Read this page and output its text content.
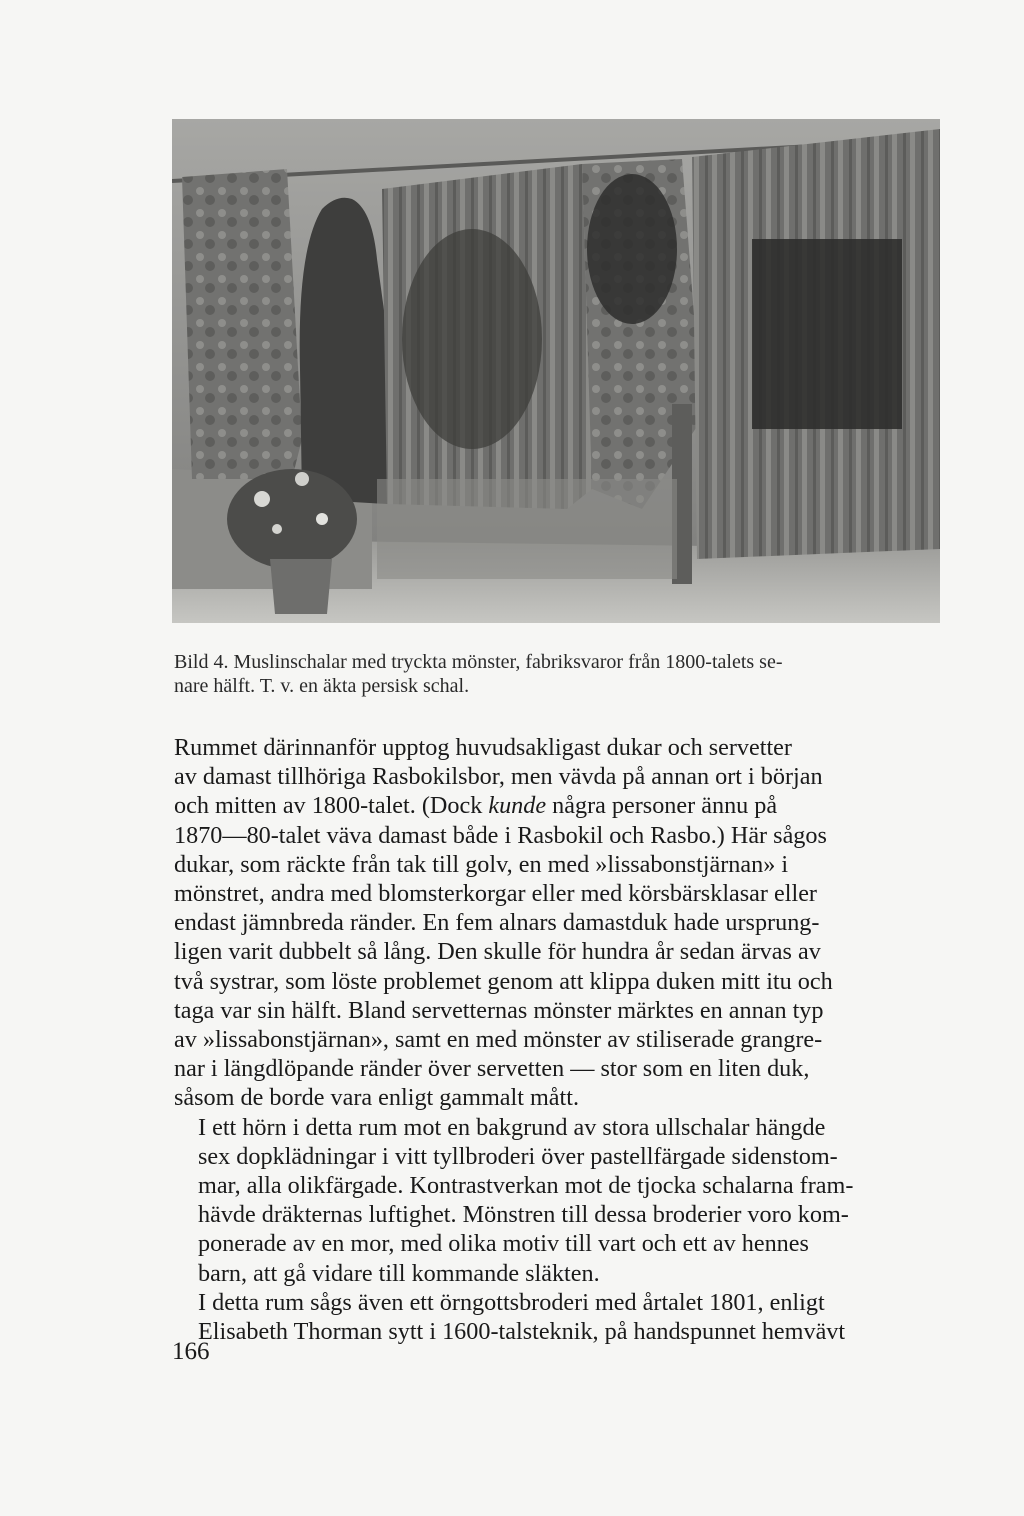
Bild 4. Muslinschalar med tryckta mönster, fabriksvaror från 1800-talets se-
nare hälft. T. v. en äkta persisk schal.

Rummet därinnanför upptog huvudsakligast dukar och servetter
av damast tillhöriga Rasbokilsbor, men vävda på annan ort i början
och mitten av 1800-talet. (Dock kunde några personer ännu på
1870—80-talet väva damast både i Rasbokil och Rasbo.) Här sågos
dukar, som räckte från tak till golv, en med »lissabonstjärnan» i
mönstret, andra med blomsterkorgar eller med körsbärsklasar eller
endast jämnbreda ränder. En fem alnars damastduk hade ursprung-
ligen varit dubbelt så lång. Den skulle för hundra år sedan ärvas av
två systrar, som löste problemet genom att klippa duken mitt itu och
taga var sin hälft. Bland servetternas mönster märktes en annan typ
av »lissabonstjärnan», samt en med mönster av stiliserade grangre-
nar i längdlöpande ränder över servetten — stor som en liten duk,
såsom de borde vara enligt gammalt mått.

I ett hörn i detta rum mot en bakgrund av stora ullschalar hängde
sex dopklädningar i vitt tyllbroderi över pastellfärgade sidenstom-
mar, alla olikfärgade. Kontrastverkan mot de tjocka schalarna fram-
hävde dräkternas luftighet. Mönstren till dessa broderier voro kom-
ponerade av en mor, med olika motiv till vart och ett av hennes
barn, att gå vidare till kommande släkten.

I detta rum sågs även ett örngottsbroderi med årtalet 1801, enligt
Elisabeth Thorman sytt i 1600-talsteknik, på handspunnet hemvävt

166
